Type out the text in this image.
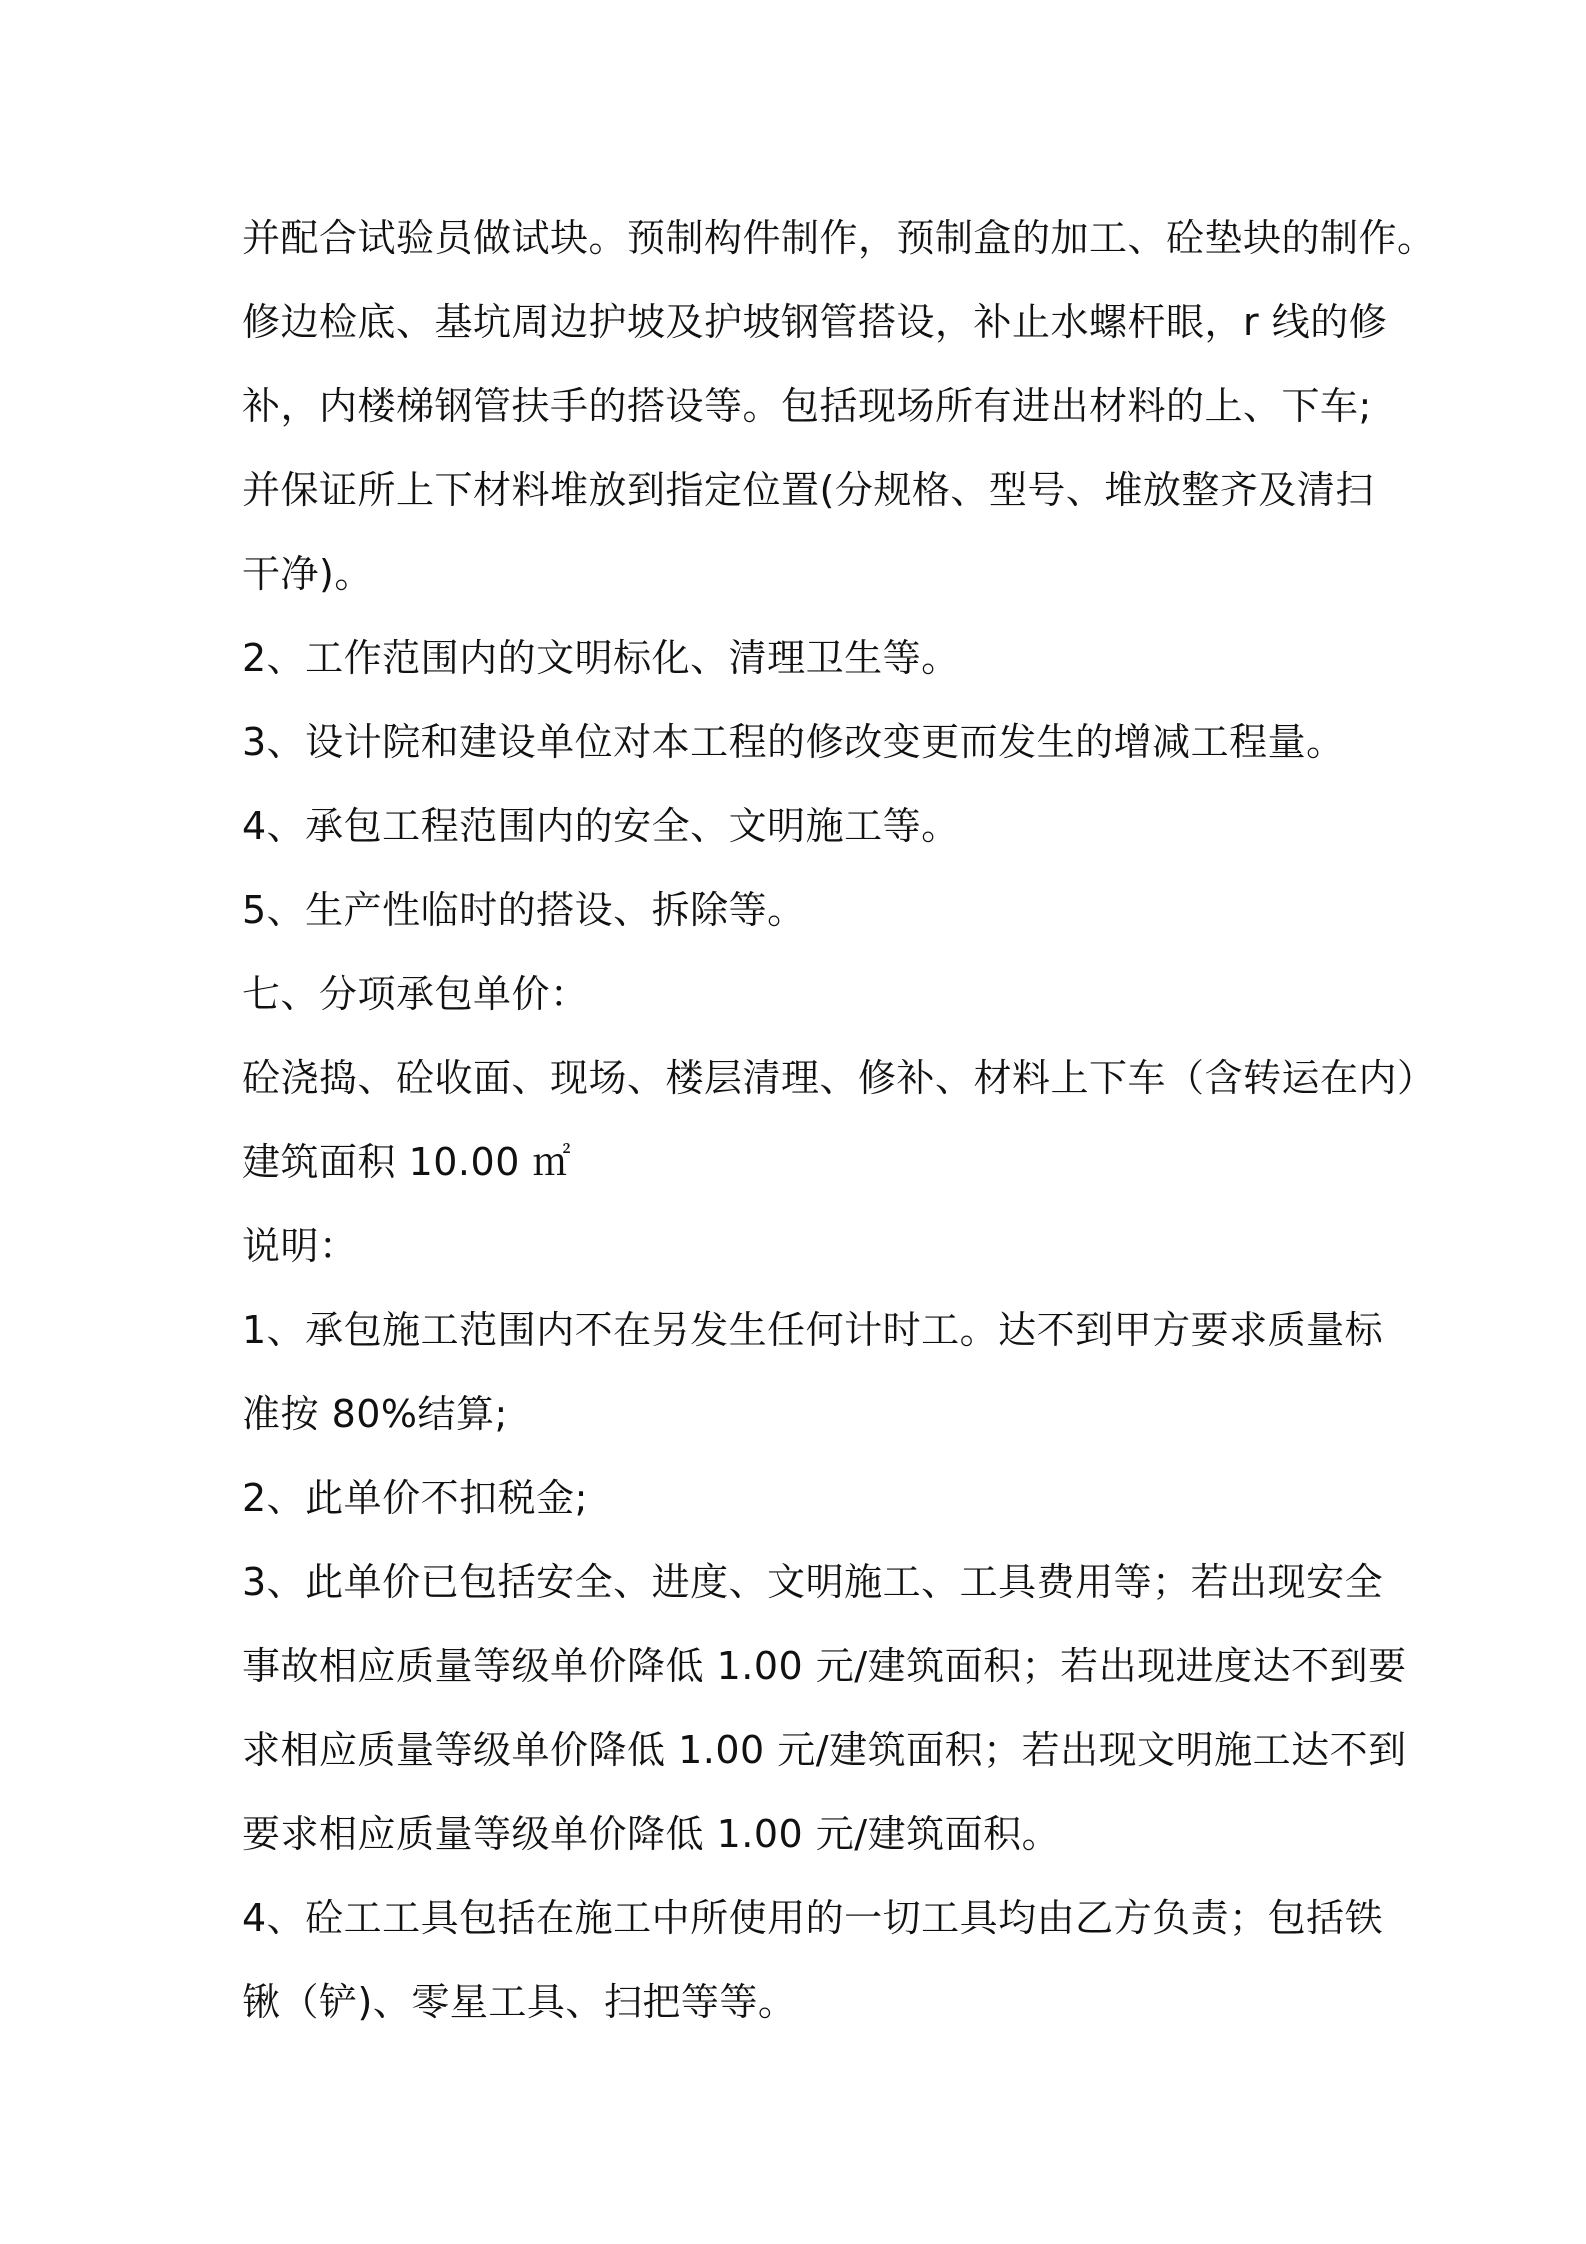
并配合试验员做试块。预制构件制作，预制盒的加工、砼垫块的制作。
修边检底、基坑周边护坡及护坡钢管搭设，补止水螺杆眼，r 线的修
补，内楼梯钢管扶手的搭设等。包括现场所有进出材料的上、下车;
并保证所上下材料堆放到指定位置(分规格、型号、堆放整齐及清扫
干净)。
2、工作范围内的文明标化、清理卫生等。
3、设计院和建设单位对本工程的修改变更而发生的增减工程量。
4、承包工程范围内的安全、文明施工等。
5、生产性临时的搭设、拆除等。
七、分项承包单价：
砼浇捣、砼收面、现场、楼层清理、修补、材料上下车（含转运在内）
建筑面积 10.00 ㎡
说明：
1、承包施工范围内不在另发生任何计时工。达不到甲方要求质量标
准按 80%结算;
2、此单价不扣税金;
3、此单价已包括安全、进度、文明施工、工具费用等；若出现安全
事故相应质量等级单价降低 1.00 元/建筑面积；若出现进度达不到要
求相应质量等级单价降低 1.00 元/建筑面积；若出现文明施工达不到
要求相应质量等级单价降低 1.00 元/建筑面积。
4、砼工工具包括在施工中所使用的一切工具均由乙方负责；包括铁
锹（铲)、零星工具、扫把等等。
